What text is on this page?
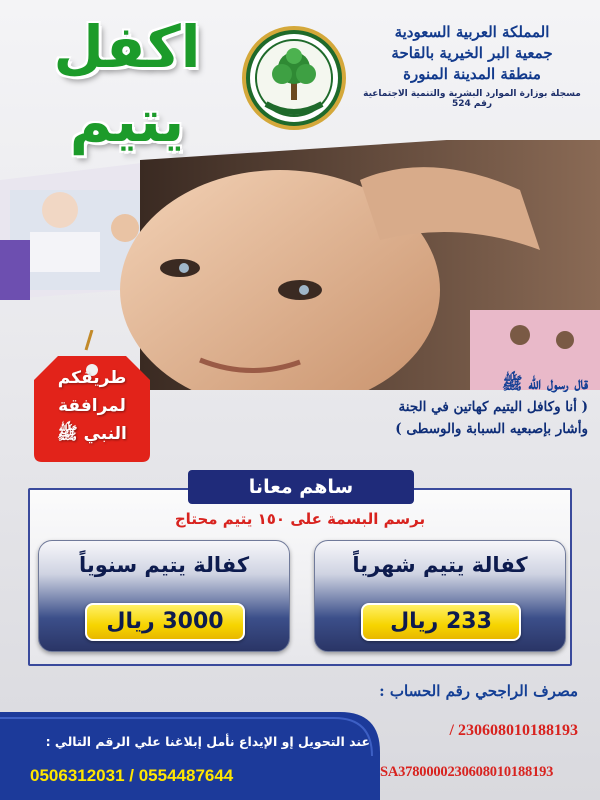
المملكة العربية السعودية
جمعية البر الخيرية بالقاحة
منطقة المدينة المنورة
مسجلة بوزارة الموارد البشرية والتنمية الاجتماعية رقم 524
اكفل
يتيم
طريقكم
لمرافقة
النبي ﷺ
قال رسول الله ﷺ
( أنا وكافل اليتيم كهاتين في الجنة
وأشار بإصبعيه السبابة والوسطى )
ساهم معانا
برسم البسمة على ١٥٠ يتيم محتاج
كفالة يتيم شهرياً
233 ريال
كفالة يتيم سنوياً
3000 ريال
مصرف الراجحي رقم الحساب :
/ 230608010188193
SA3780000230608010188193
عند التحويل إو الإيداع نأمل إبلاغنا علي الرقم التالي :
0506312031 / 0554487644
